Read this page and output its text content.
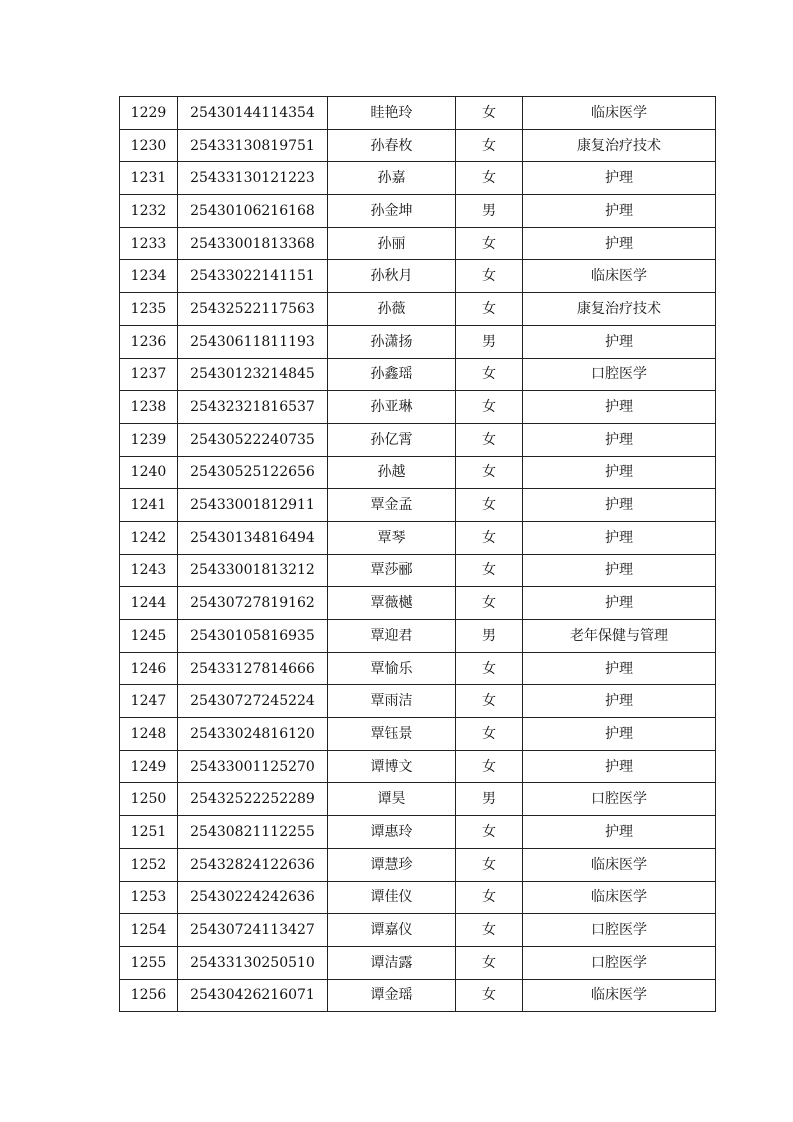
1229	25430144114354	眭艳玲	女	临床医学
1230	25433130819751	孙春枚	女	康复治疗技术
1231	25433130121223	孙嘉	女	护理
1232	25430106216168	孙金坤	男	护理
1233	25433001813368	孙丽	女	护理
1234	25433022141151	孙秋月	女	临床医学
1235	25432522117563	孙薇	女	康复治疗技术
1236	25430611811193	孙潇扬	男	护理
1237	25430123214845	孙鑫瑶	女	口腔医学
1238	25432321816537	孙亚琳	女	护理
1239	25430522240735	孙亿霄	女	护理
1240	25430525122656	孙越	女	护理
1241	25433001812911	覃金孟	女	护理
1242	25430134816494	覃琴	女	护理
1243	25433001813212	覃莎郦	女	护理
1244	25430727819162	覃薇樾	女	护理
1245	25430105816935	覃迎君	男	老年保健与管理
1246	25433127814666	覃愉乐	女	护理
1247	25430727245224	覃雨洁	女	护理
1248	25433024816120	覃钰景	女	护理
1249	25433001125270	谭博文	女	护理
1250	25432522252289	谭昊	男	口腔医学
1251	25430821112255	谭惠玲	女	护理
1252	25432824122636	谭慧珍	女	临床医学
1253	25430224242636	谭佳仪	女	临床医学
1254	25430724113427	谭嘉仪	女	口腔医学
1255	25433130250510	谭洁露	女	口腔医学
1256	25430426216071	谭金瑶	女	临床医学
